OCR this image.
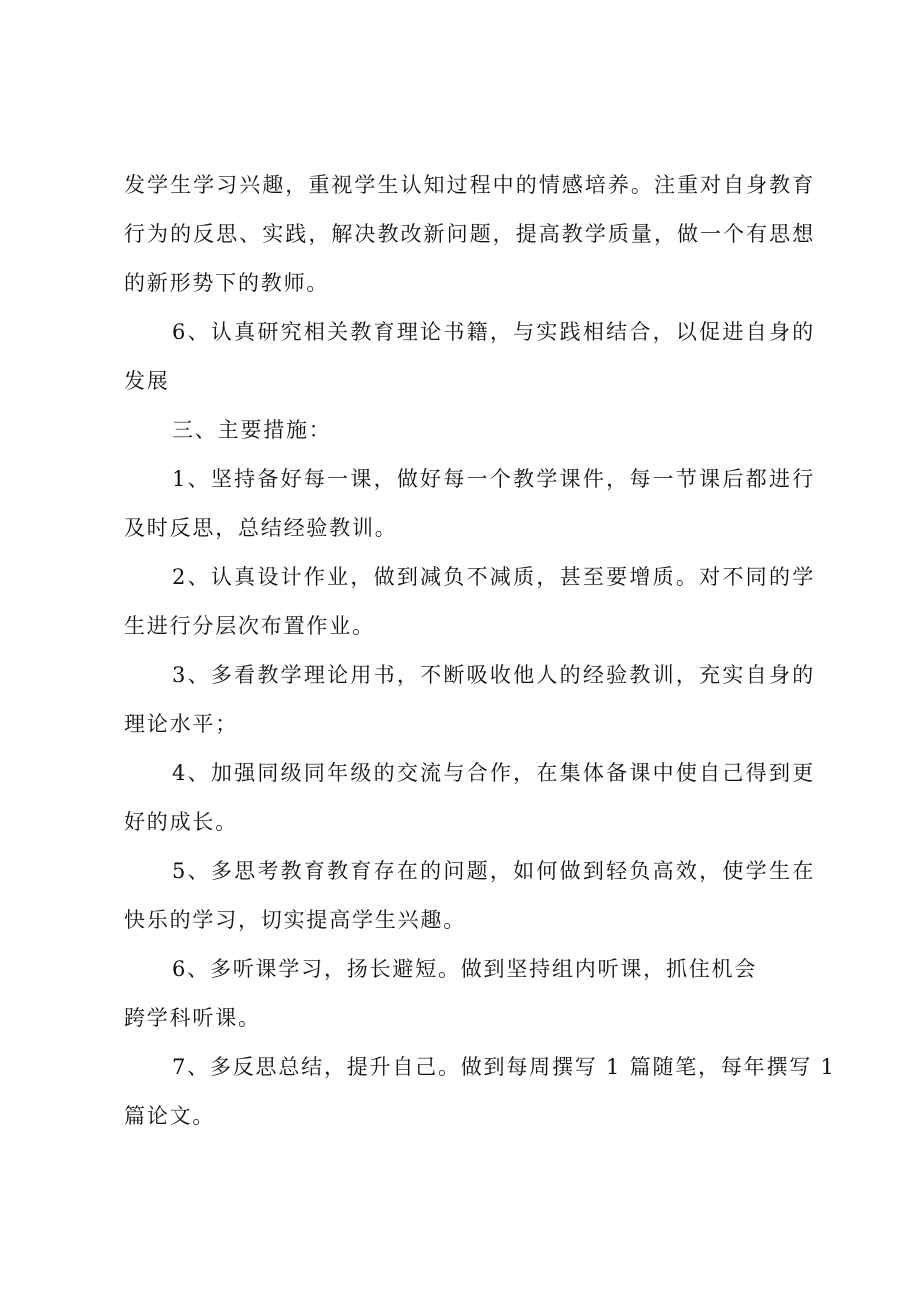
发学生学习兴趣，重视学生认知过程中的情感培养。注重对自身教育
行为的反思、实践，解决教改新问题，提高教学质量，做一个有思想
的新形势下的教师。
6、认真研究相关教育理论书籍，与实践相结合，以促进自身的
发展
三、主要措施：
1、坚持备好每一课，做好每一个教学课件，每一节课后都进行
及时反思，总结经验教训。
2、认真设计作业，做到减负不减质，甚至要增质。对不同的学
生进行分层次布置作业。
3、多看教学理论用书，不断吸收他人的经验教训，充实自身的
理论水平；
4、加强同级同年级的交流与合作，在集体备课中使自己得到更
好的成长。
5、多思考教育教育存在的问题，如何做到轻负高效，使学生在
快乐的学习，切实提高学生兴趣。
6、多听课学习，扬长避短。做到坚持组内听课，抓住机会
跨学科听课。
7、多反思总结，提升自己。做到每周撰写 1 篇随笔，每年撰写 1
篇论文。
